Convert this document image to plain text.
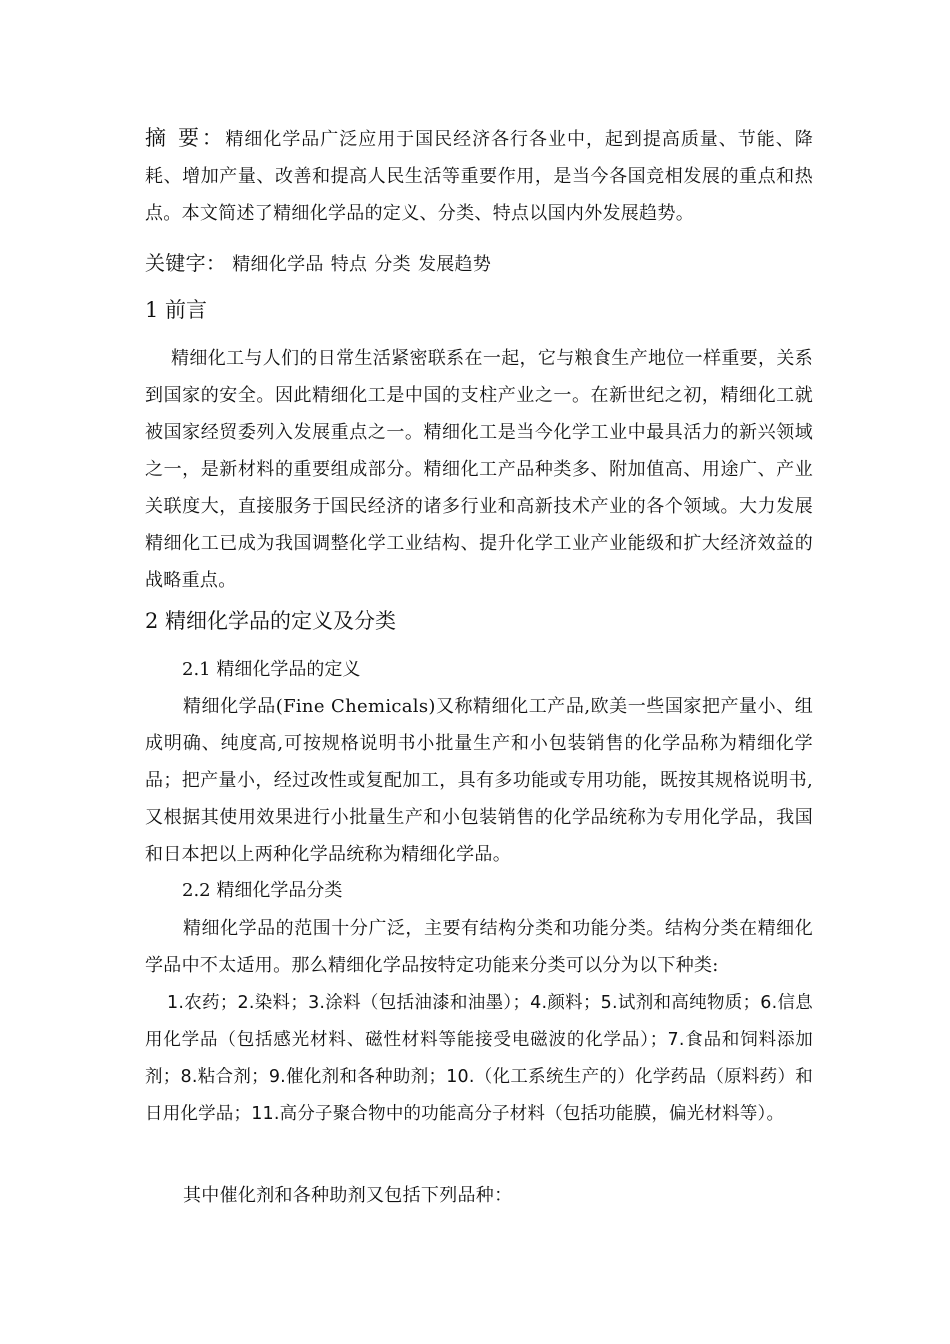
摘 要：精细化学品广泛应用于国民经济各行各业中，起到提高质量、节能、降耗、增加产量、改善和提高人民生活等重要作用，是当今各国竞相发展的重点和热点。本文简述了精细化学品的定义、分类、特点以国内外发展趋势。

关键字： 精细化学品 特点 分类 发展趋势

1 前言

精细化工与人们的日常生活紧密联系在一起，它与粮食生产地位一样重要，关系到国家的安全。因此精细化工是中国的支柱产业之一。在新世纪之初，精细化工就被国家经贸委列入发展重点之一。精细化工是当今化学工业中最具活力的新兴领域之一，是新材料的重要组成部分。精细化工产品种类多、附加值高、用途广、产业关联度大，直接服务于国民经济的诸多行业和高新技术产业的各个领域。大力发展精细化工已成为我国调整化学工业结构、提升化学工业产业能级和扩大经济效益的战略重点。

2 精细化学品的定义及分类
2.1 精细化学品的定义

精细化学品(Fine Chemicals)又称精细化工产品,欧美一些国家把产量小、组成明确、纯度高,可按规格说明书小批量生产和小包装销售的化学品称为精细化学品；把产量小，经过改性或复配加工，具有多功能或专用功能，既按其规格说明书,又根据其使用效果进行小批量生产和小包装销售的化学品统称为专用化学品，我国和日本把以上两种化学品统称为精细化学品。

2.2 精细化学品分类

精细化学品的范围十分广泛，主要有结构分类和功能分类。结构分类在精细化学品中不太适用。那么精细化学品按特定功能来分类可以分为以下种类:

1.农药；2.染料；3.涂料（包括油漆和油墨）；4.颜料；5.试剂和高纯物质；6.信息用化学品（包括感光材料、磁性材料等能接受电磁波的化学品）；7.食品和饲料添加剂；8.粘合剂；9.催化剂和各种助剂；10.（化工系统生产的）化学药品（原料药）和日用化学品；11.高分子聚合物中的功能高分子材料（包括功能膜，偏光材料等）。

其中催化剂和各种助剂又包括下列品种：
